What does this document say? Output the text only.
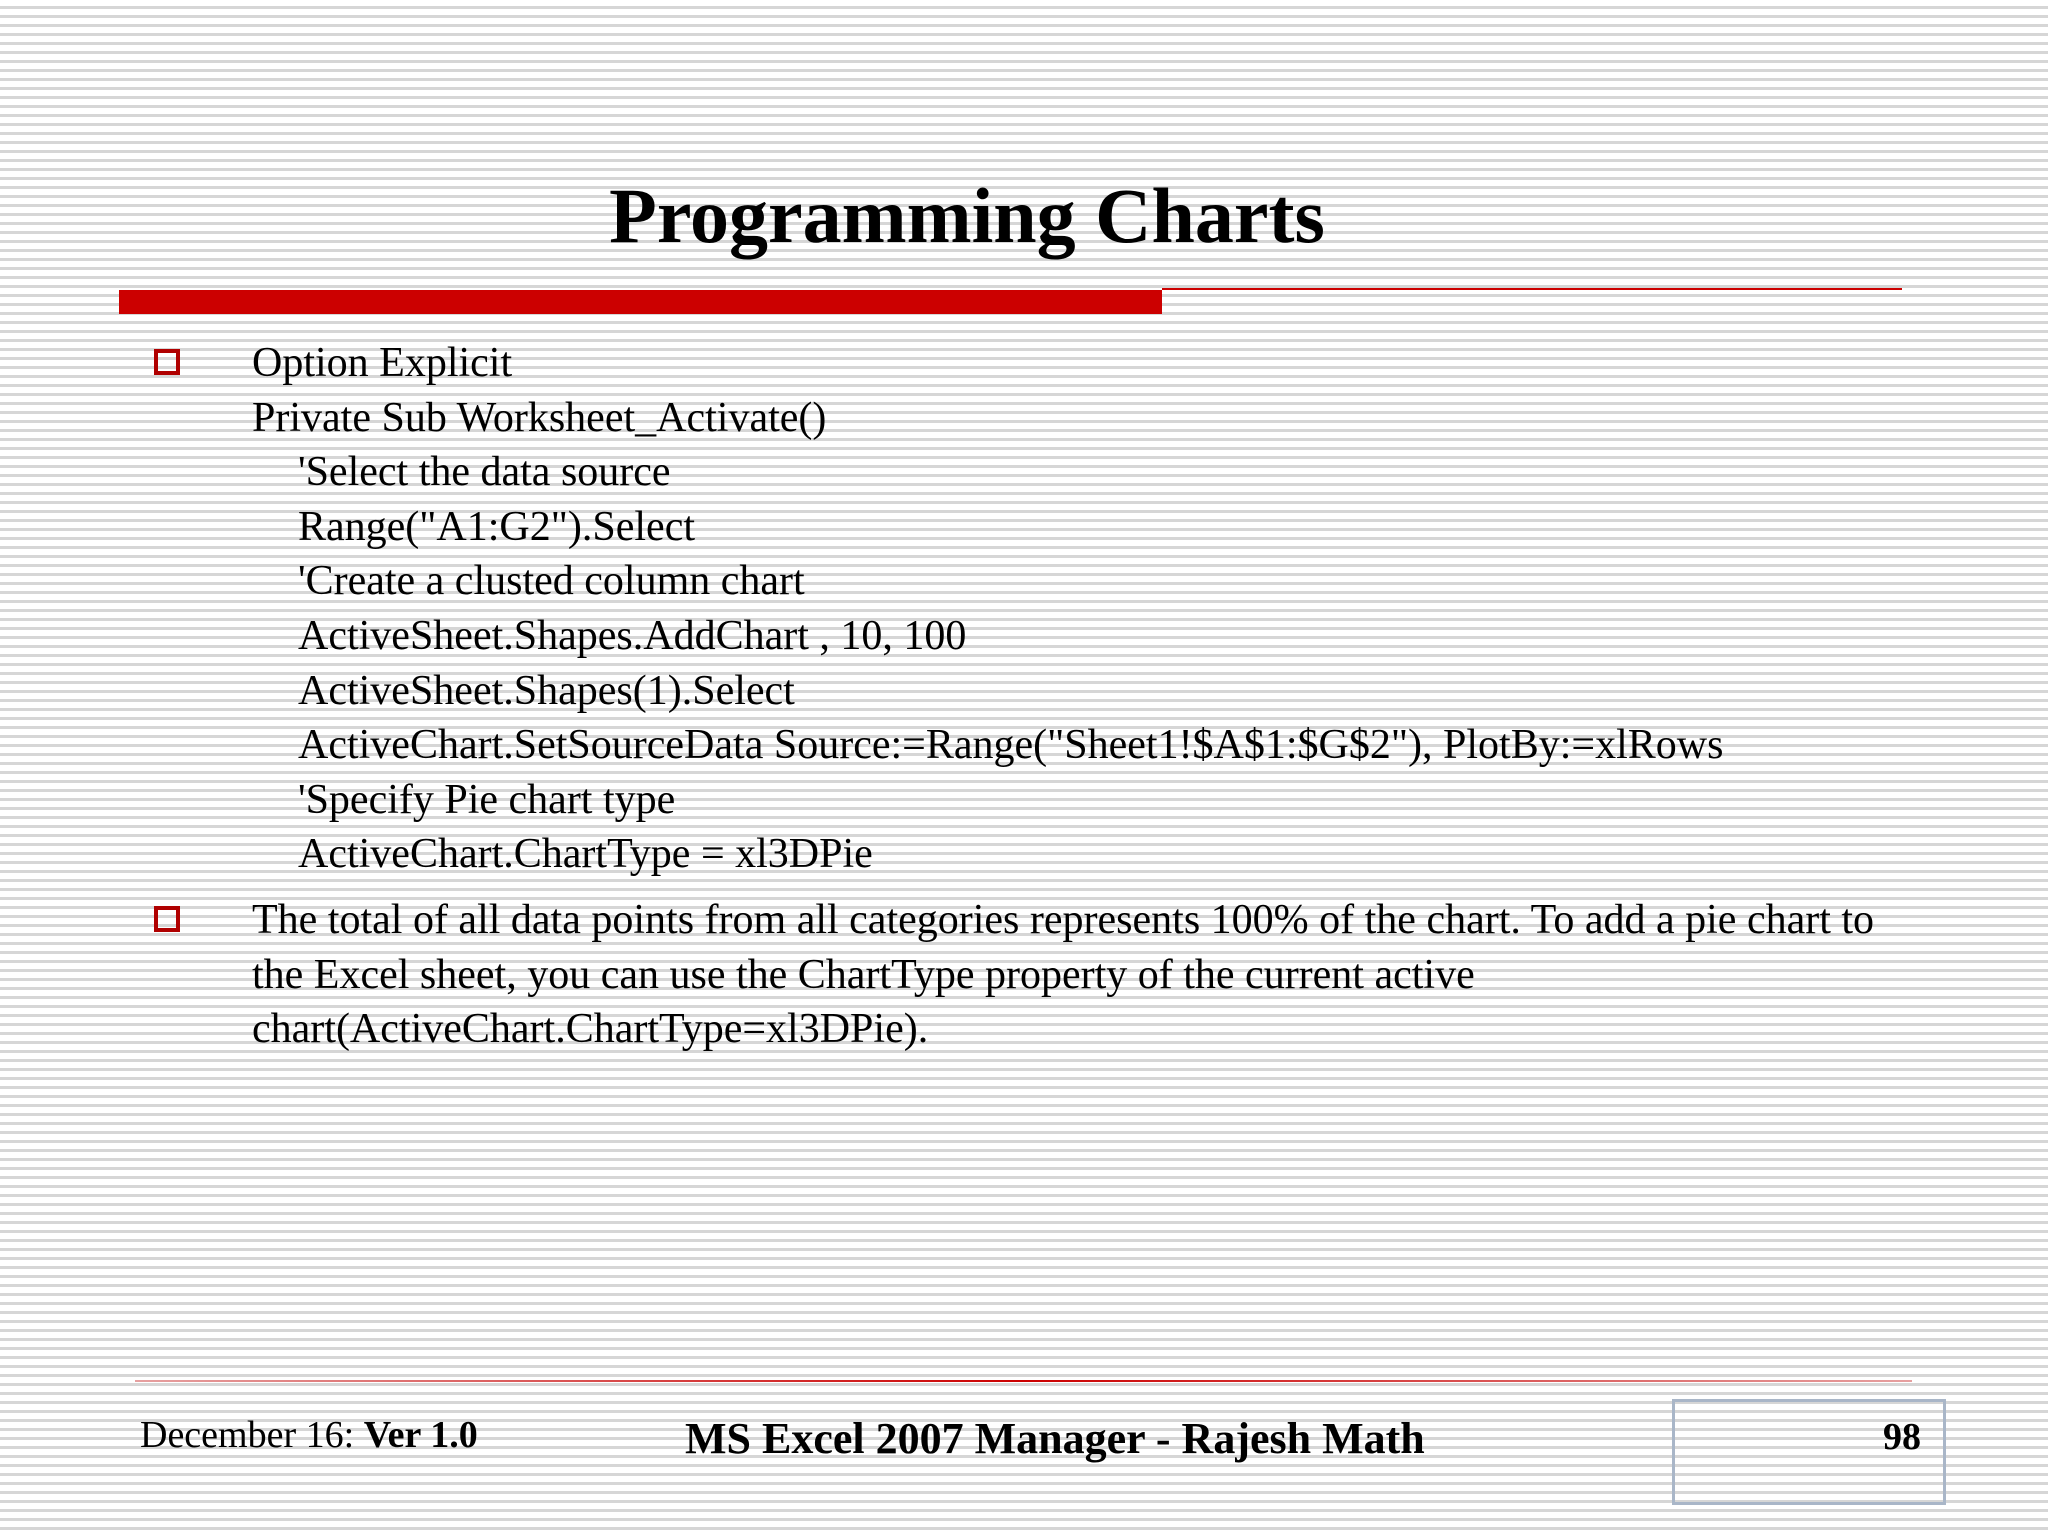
Programming Charts
Option Explicit
Private Sub Worksheet_Activate()
'Select the data source
Range("A1:G2").Select
'Create a clusted column chart
ActiveSheet.Shapes.AddChart , 10, 100
ActiveSheet.Shapes(1).Select
ActiveChart.SetSourceData Source:=Range("Sheet1!$A$1:$G$2"), PlotBy:=xlRows
'Specify Pie chart type
ActiveChart.ChartType = xl3DPie

The total of all data points from all categories represents 100% of the chart. To add a pie chart to the Excel sheet, you can use the ChartType property of the current active chart(ActiveChart.ChartType=xl3DPie).

December 16: Ver 1.0	MS Excel 2007 Manager - Rajesh Math	98
